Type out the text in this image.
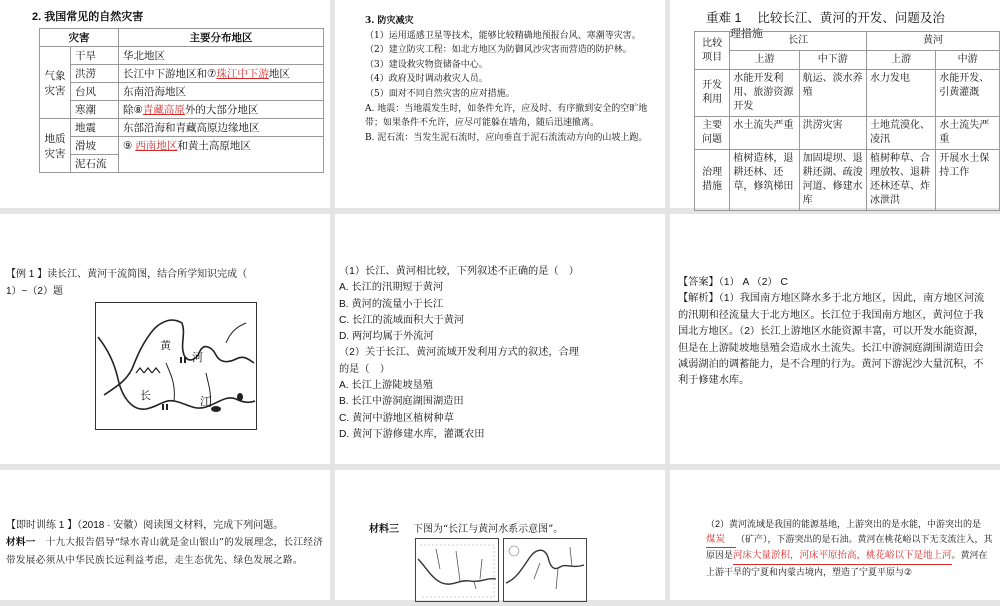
2. 我国常见的自然灾害
灾害		主要分布地区
气象灾害	干旱	华北地区
	洪涝	长江中下游地区和⑦珠江中下游地区
	台风	东南沿海地区
	寒潮	除⑧青藏高原外的大部分地区
地质灾害	地震	东部沿海和青藏高原边缘地区
	滑坡	⑨ 西南地区和黄土高原地区
	泥石流	
3. 防灾减灾
（1）运用遥感卫星等技术，能够比较精确地预报台风、寒潮等灾害。
（2）建立防灾工程：如北方地区为防御风沙灾害而营造的防护林。
（3）建设救灾物资储备中心。
（4）政府及时调动救灾人员。
（5）面对不同自然灾害的应对措施。
A. 地震：当地震发生时，如条件允许，应及时、有序撤到安全的空旷地带；如果条件不允许，应尽可能躲在墙角，随后迅速撤离。
B. 泥石流：当发生泥石流时，应向垂直于泥石流流动方向的山坡上跑。
重难 1　 比较长江、黄河的开发、问题及治
理措施
比较项目	长江		黄河	
	上游	中下游	上游	中游
开发利用	水能开发利用、旅游资源开发	航运、淡水养殖	水力发电	水能开发、引黄灌溉
主要问题	水土流失严重	洪涝灾害	土地荒漠化、凌汛	水土流失严重
治理措施	植树造林，退耕还林、还草，修筑梯田	加固堤坝、退耕还湖、疏浚河道、修建水库	植树种草、合理放牧、退耕还林还草、炸冰泄洪	开展水土保持工作
【例 1 】读长江、黄河干流简图，结合所学知识完成（
1）~（2）题
黄
河
长	江
（1）长江、黄河相比较，下列叙述不正确的是（　）
A. 长江的汛期短于黄河
B. 黄河的流量小于长江
C. 长江的流域面积大于黄河
D. 两河均属于外流河
（2）关于长江、黄河流域开发利用方式的叙述，合理
的是（　）
A. 长江上游陡坡垦殖
B. 长江中游洞庭湖围湖造田
C. 黄河中游地区植树种草
D. 黄河下游修建水库，灌溉农田
【答案】（1） A （2） C
【解析】（1）我国南方地区降水多于北方地区，因此，南方地区河流的汛期和径流量大于北方地区。长江位于我国南方地区，黄河位于我国北方地区。（2）长江上游地区水能资源丰富，可以开发水能资源，但是在上游陡坡地垦殖会造成水土流失。长江中游洞庭湖围湖造田会减弱湖泊的调蓄能力，是不合理的行为。黄河下游泥沙大量沉积，不利于修建水库。
【即时训练 1 】（2018 · 安徽）阅读图文材料，完成下列问题。
材料一　十九大报告倡导“绿水青山就是金山银山”的发展理念，长江经济带发展必须从中华民族长远利益考虑，走生态优先、绿色发展之路。
材料三 下图为“长江与黄河水系示意图”。	（2）黄河流域是我国的能源基地，上游突出的是水能，中游突出的是煤炭 （矿产），下游突出的是石油。黄河在桃花峪以下无支流注入，其原因是河床大量淤积，河床平原抬高，桃花峪以下是地上河。黄河在上游干旱的宁夏和内蒙古境内，塑造了宁夏平原与②
